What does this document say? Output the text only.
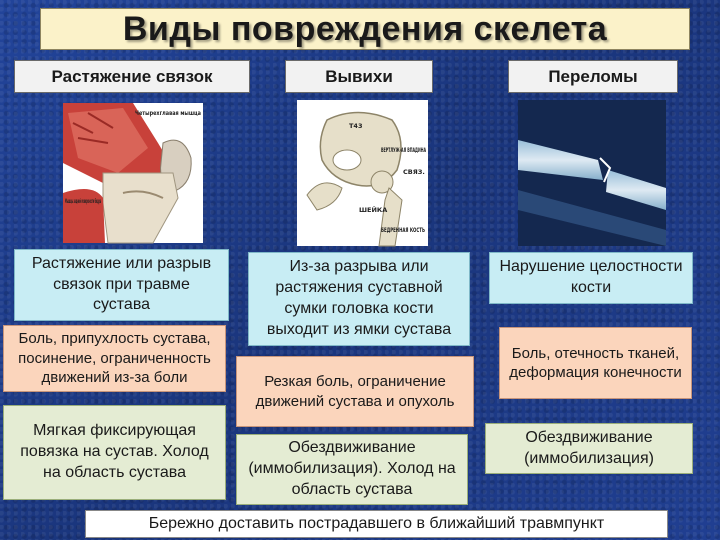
Виды повреждения скелета
Растяжение связок	Вывихи	Переломы
Четырехглавая мышца
Мышцы задней поверхности бедра
T43
ВЕРТЛУЖ-АЯ ВПАДИНА
СВЯЗ.
ШЕЙКА
БЕДРЕННАЯ КОСТЬ
Растяжение или разрыв связок при травме сустава
Из-за разрыва или растяжения суставной сумки головка кости выходит из ямки сустава
Нарушение целостности кости
Боль, припухлость сустава, посинение, ограниченность движений из-за боли	Резкая боль, ограничение движений сустава и опухоль
Боль, отечность тканей, деформация конечности
Мягкая фиксирующая повязка на сустав. Холод на область сустава
Обездвиживание (иммобилизация). Холод на область сустава
Обездвиживание (иммобилизация)
Бережно доставить пострадавшего в ближайший травмпункт
